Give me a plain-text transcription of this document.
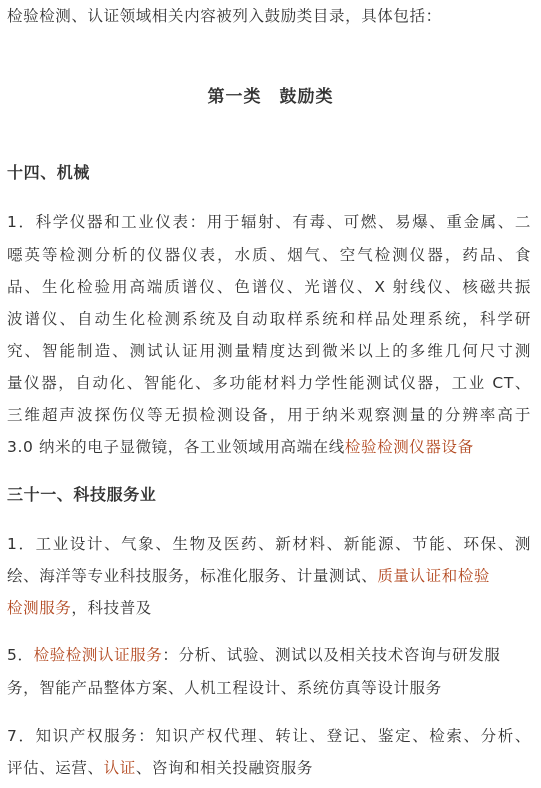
检验检测、认证领域相关内容被列入鼓励类目录，具体包括：
第一类　鼓励类
十四、机械
1．科学仪器和工业仪表：用于辐射、有毒、可燃、易爆、重金属、二
噁英等检测分析的仪器仪表，水质、烟气、空气检测仪器，药品、食
品、生化检验用高端质谱仪、色谱仪、光谱仪、X 射线仪、核磁共振
波谱仪、自动生化检测系统及自动取样系统和样品处理系统，科学研
究、智能制造、测试认证用测量精度达到微米以上的多维几何尺寸测
量仪器，自动化、智能化、多功能材料力学性能测试仪器，工业 CT、
三维超声波探伤仪等无损检测设备，用于纳米观察测量的分辨率高于
3.0 纳米的电子显微镜，各工业领域用高端在线检验检测仪器设备
三十一、科技服务业
1．工业设计、气象、生物及医药、新材料、新能源、节能、环保、测
绘、海洋等专业科技服务，标准化服务、计量测试、质量认证和检验
检测服务，科技普及
5．检验检测认证服务：分析、试验、测试以及相关技术咨询与研发服
务，智能产品整体方案、人机工程设计、系统仿真等设计服务
7．知识产权服务：知识产权代理、转让、登记、鉴定、检索、分析、
评估、运营、认证、咨询和相关投融资服务
